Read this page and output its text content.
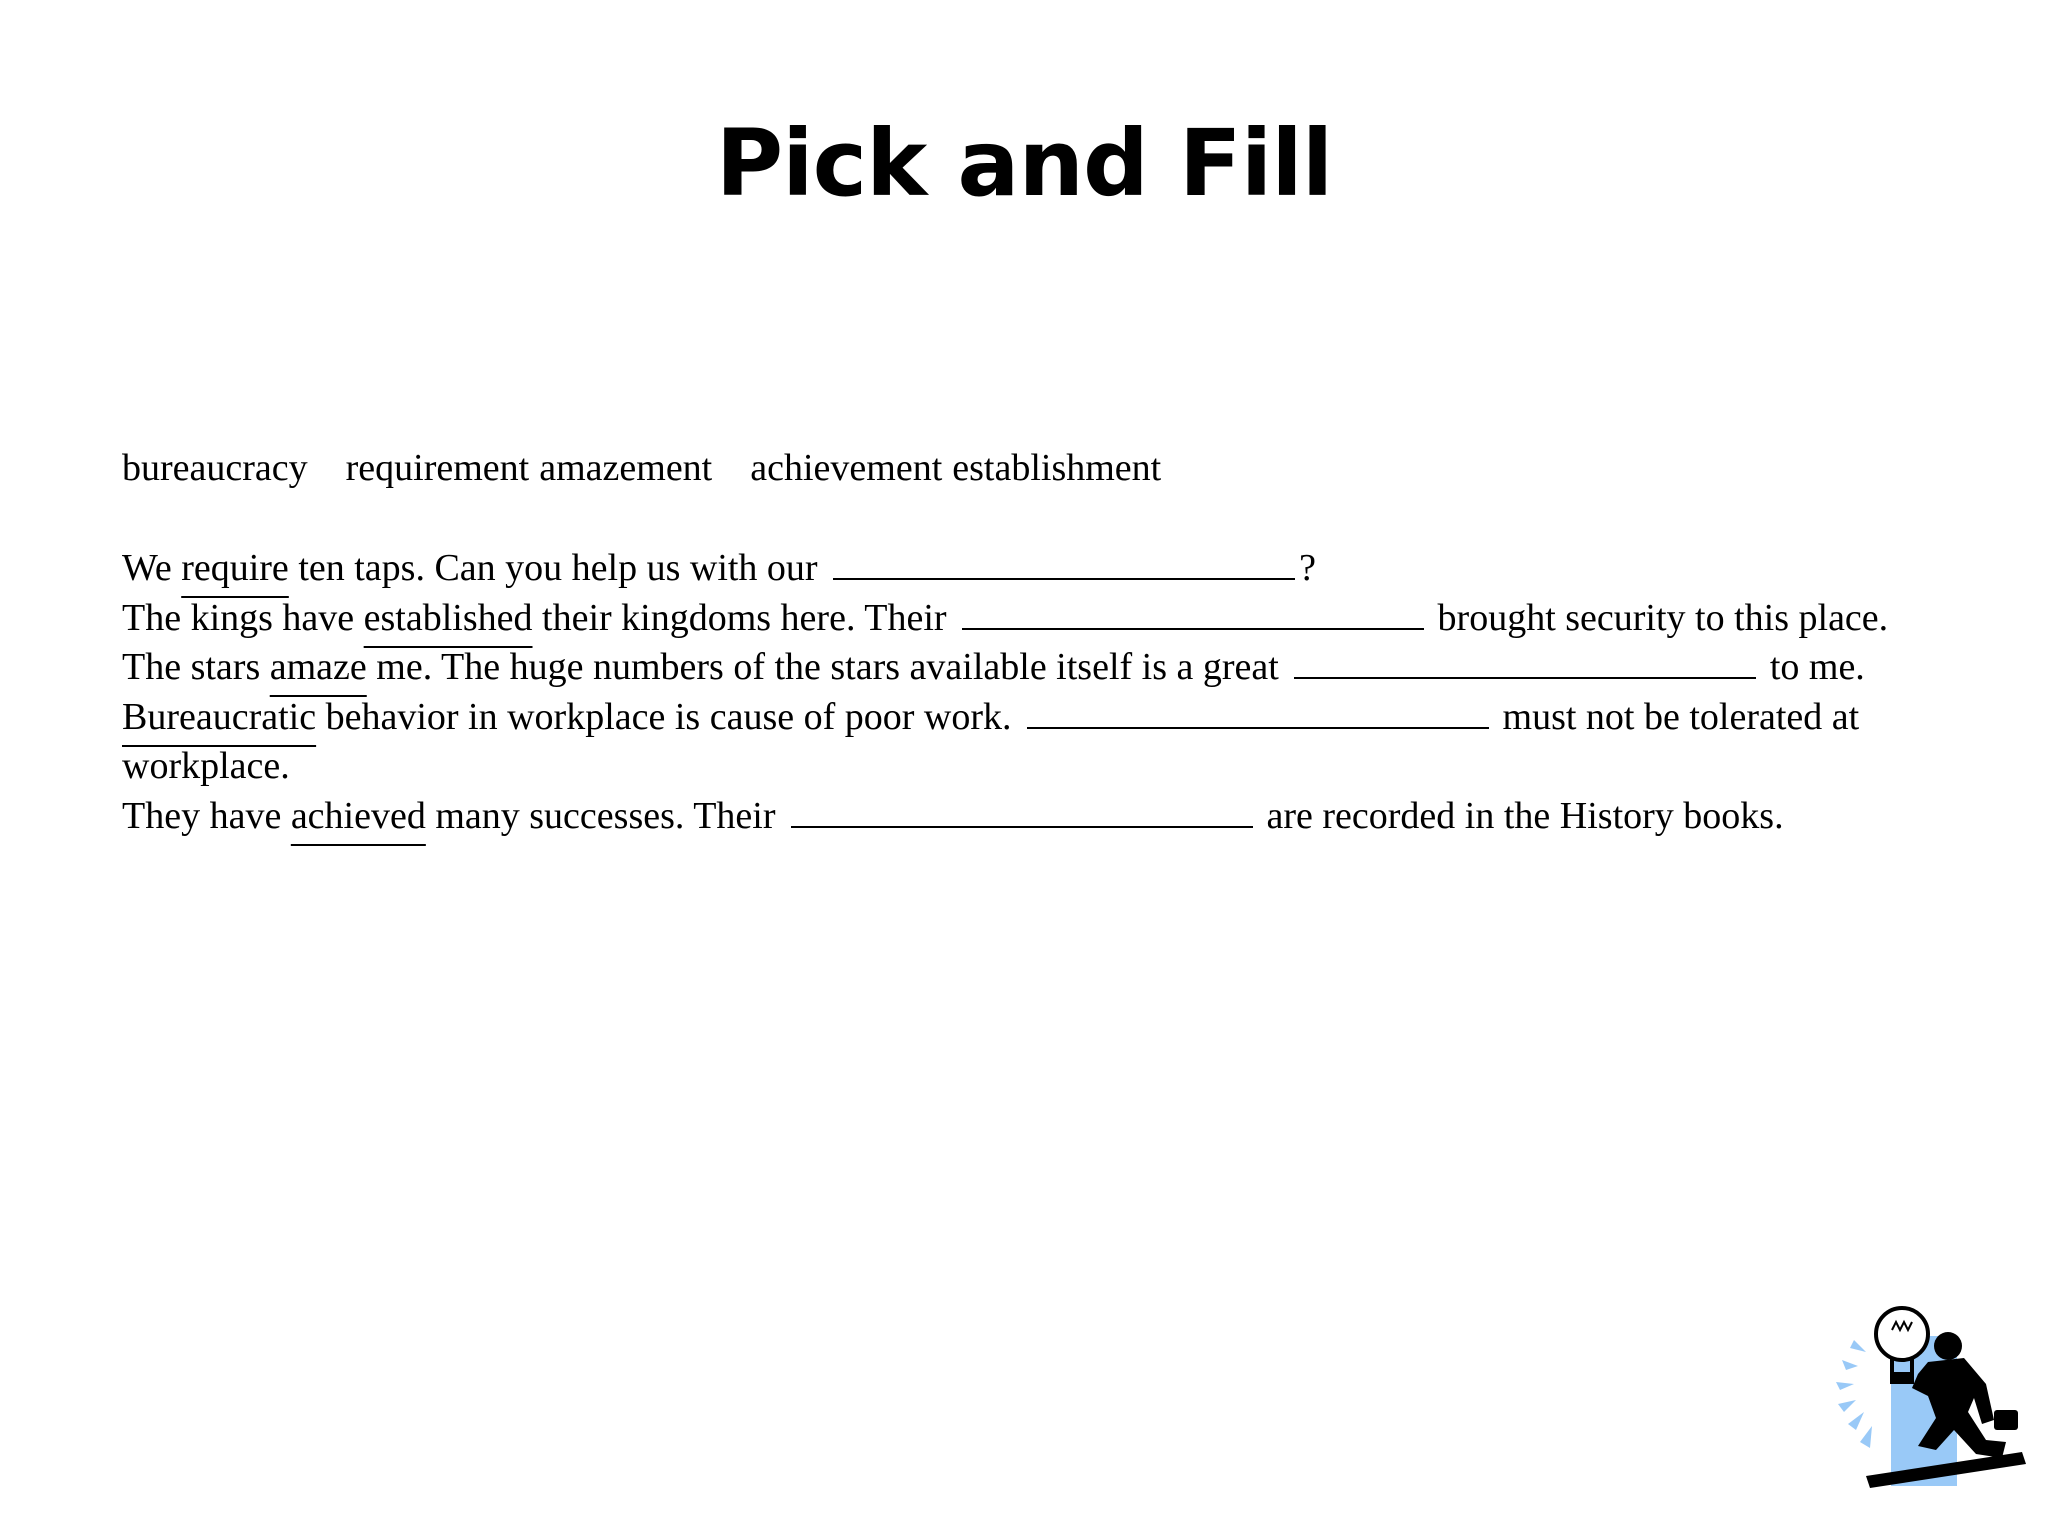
Pick and Fill
bureaucracy requirement amazement achievement establishment

We require ten taps. Can you help us with our	?

The kings have established their kingdoms here. Their	brought security to this place.

The stars amaze me. The huge numbers of the stars available itself is a great	to me.

Bureaucratic behavior in workplace is cause of poor work.	must not be tolerated at workplace.

They have achieved many successes. Their	are recorded in the History books.
